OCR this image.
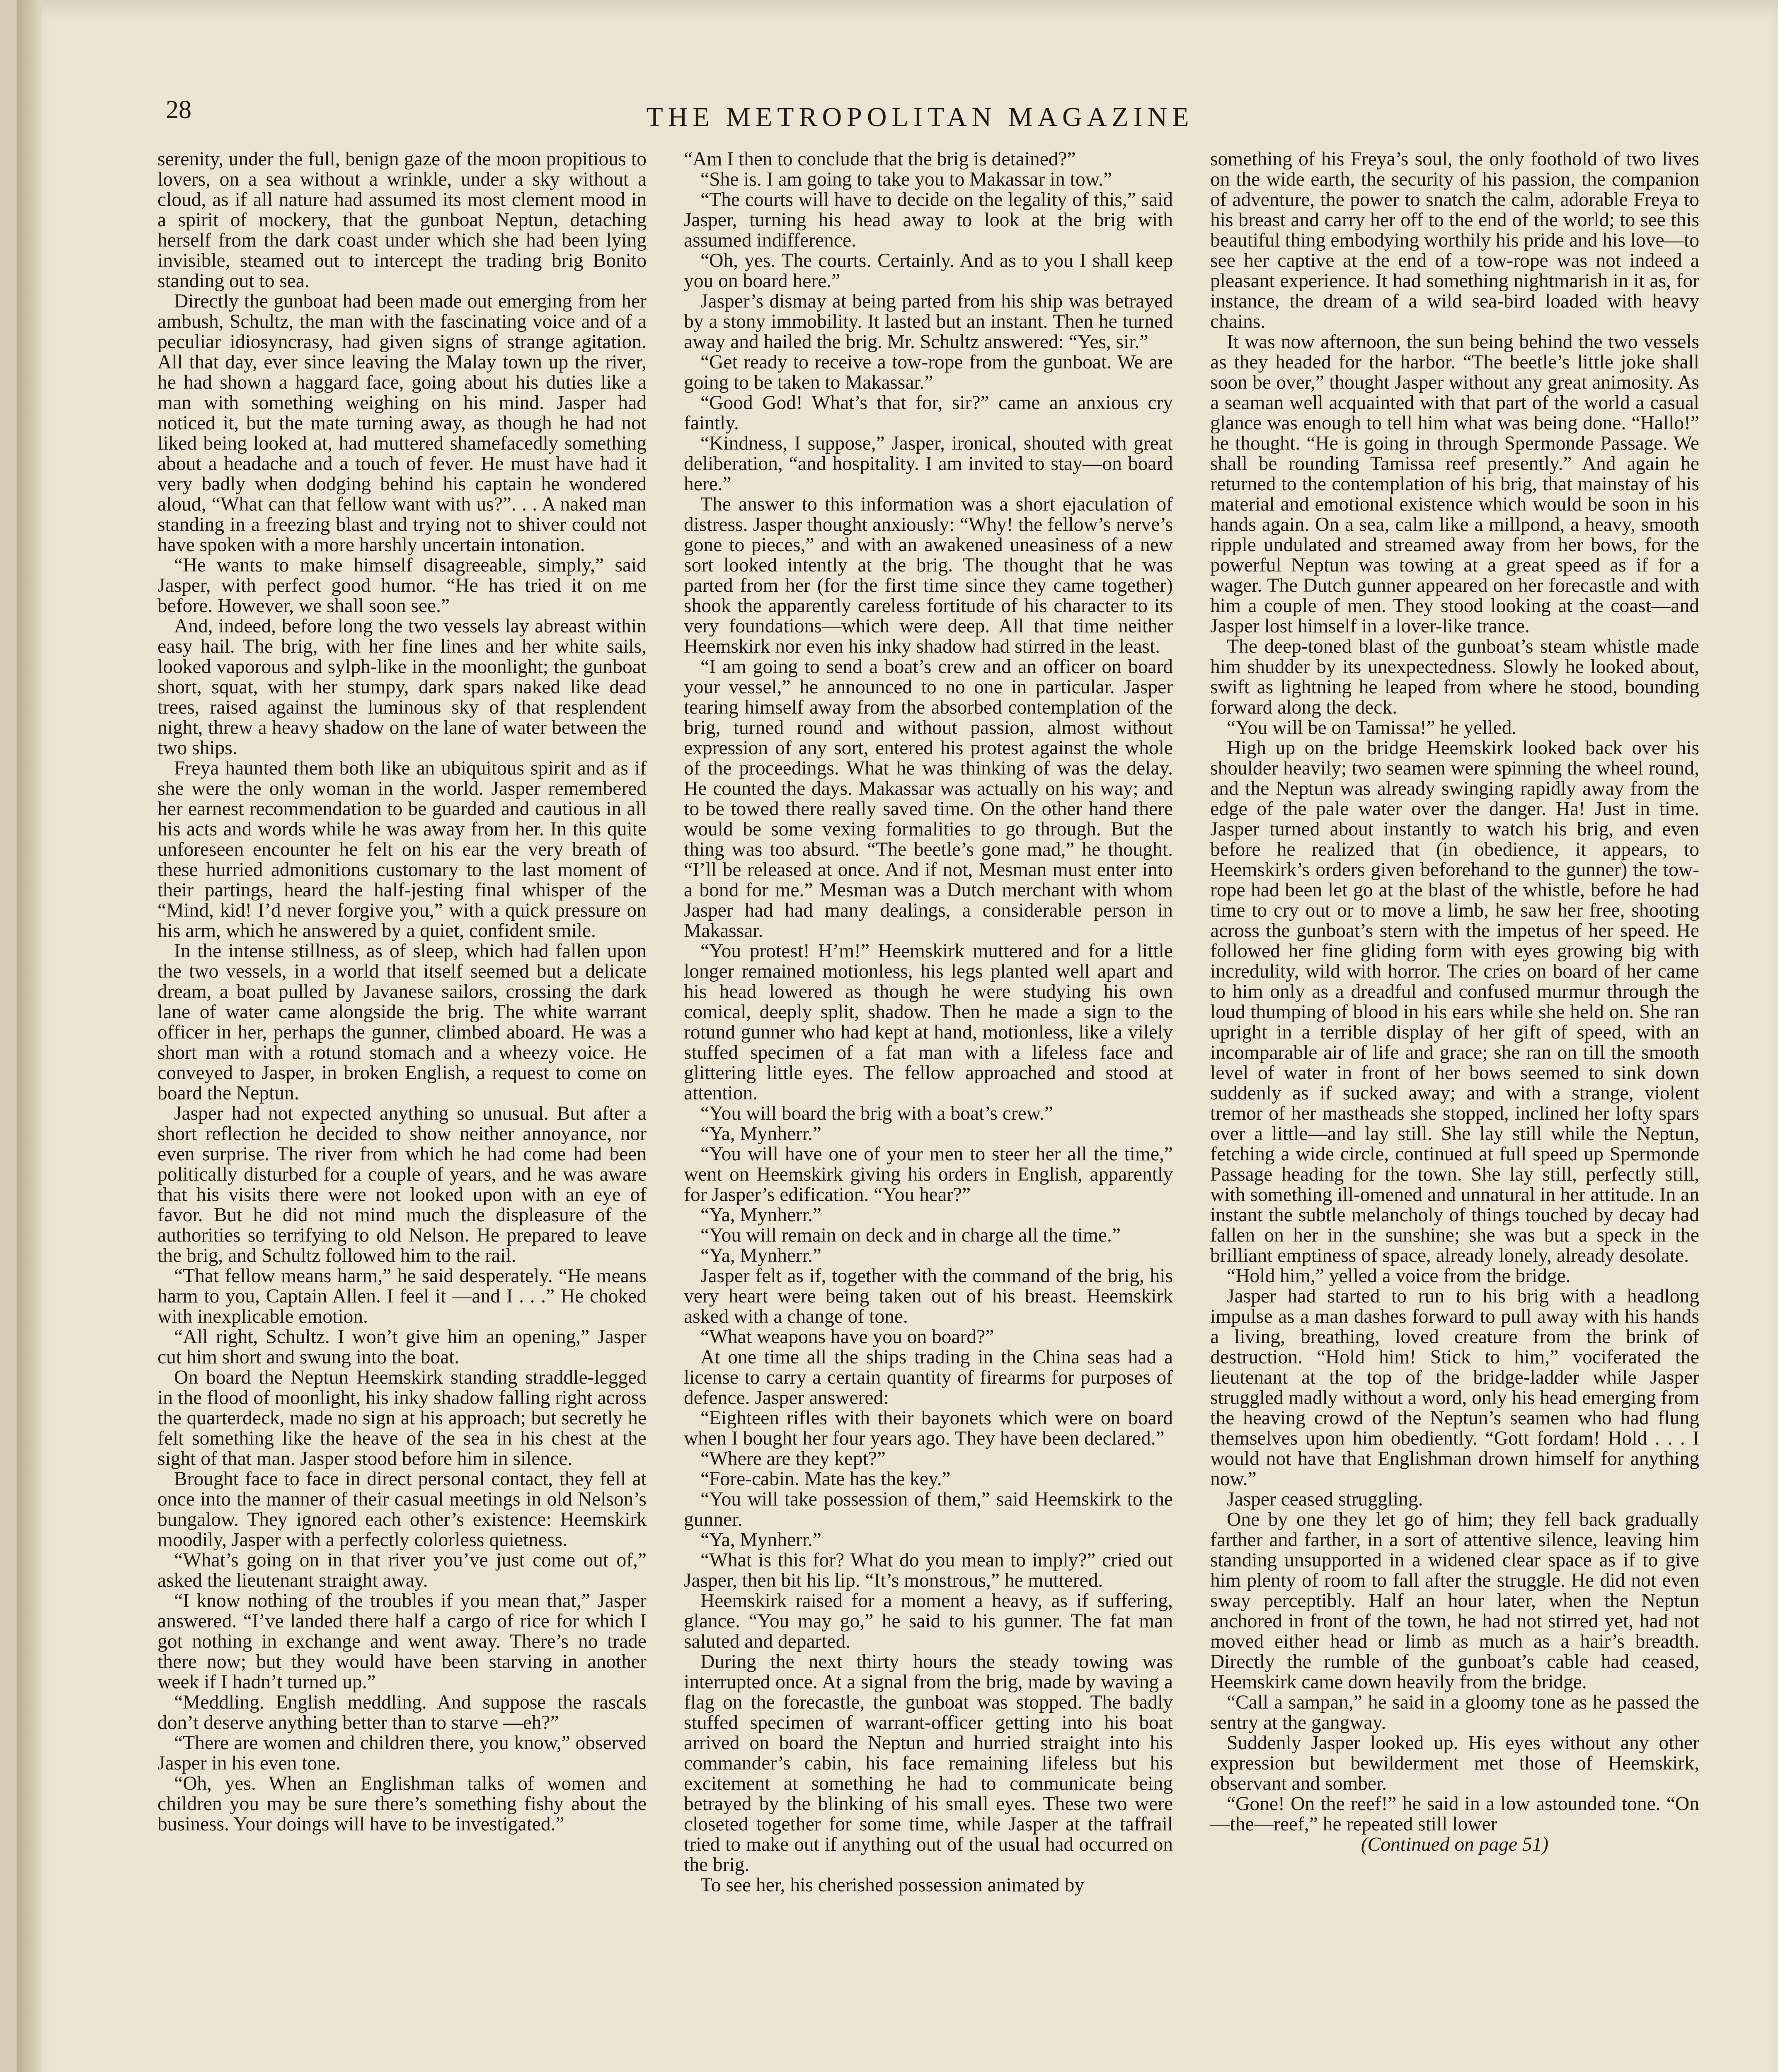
28	THE METROPOLITAN MAGAZINE

serenity, under the full, benign gaze of the moon propitious to lovers, on a sea without a wrinkle, under a sky without a cloud, as if all nature had assumed its most clement mood in a spirit of mockery, that the gunboat Neptun, detaching herself from the dark coast under which she had been lying invisible, steamed out to intercept the trading brig Bonito standing out to sea.

Directly the gunboat had been made out emerging from her ambush, Schultz, the man with the fascinating voice and of a peculiar idiosyncrasy, had given signs of strange agitation. All that day, ever since leaving the Malay town up the river, he had shown a haggard face, going about his duties like a man with something weighing on his mind. Jasper had noticed it, but the mate turning away, as though he had not liked being looked at, had muttered shamefacedly something about a headache and a touch of fever. He must have had it very badly when dodging behind his captain he wondered aloud, “What can that fellow want with us?”. . . A naked man standing in a freezing blast and trying not to shiver could not have spoken with a more harshly uncertain intonation.

“He wants to make himself disagreeable, simply,” said Jasper, with perfect good humor. “He has tried it on me before. However, we shall soon see.”

And, indeed, before long the two vessels lay abreast within easy hail. The brig, with her fine lines and her white sails, looked vaporous and sylph-like in the moonlight; the gunboat short, squat, with her stumpy, dark spars naked like dead trees, raised against the luminous sky of that resplendent night, threw a heavy shadow on the lane of water between the two ships.

Freya haunted them both like an ubiquitous spirit and as if she were the only woman in the world. Jasper remembered her earnest recommendation to be guarded and cautious in all his acts and words while he was away from her. In this quite unforeseen encounter he felt on his ear the very breath of these hurried admonitions customary to the last moment of their partings, heard the half-jesting final whisper of the “Mind, kid! I’d never forgive you,” with a quick pressure on his arm, which he answered by a quiet, confident smile.

In the intense stillness, as of sleep, which had fallen upon the two vessels, in a world that itself seemed but a delicate dream, a boat pulled by Javanese sailors, crossing the dark lane of water came alongside the brig. The white warrant officer in her, perhaps the gunner, climbed aboard. He was a short man with a rotund stomach and a wheezy voice. He conveyed to Jasper, in broken English, a request to come on board the Neptun.

Jasper had not expected anything so unusual. But after a short reflection he decided to show neither annoyance, nor even surprise. The river from which he had come had been politically disturbed for a couple of years, and he was aware that his visits there were not looked upon with an eye of favor. But he did not mind much the displeasure of the authorities so terrifying to old Nelson. He prepared to leave the brig, and Schultz followed him to the rail.

“That fellow means harm,” he said desperately. “He means harm to you, Captain Allen. I feel it —and I . . .” He choked with inexplicable emotion.

“All right, Schultz. I won’t give him an opening,” Jasper cut him short and swung into the boat.

On board the Neptun Heemskirk standing straddle-legged in the flood of moonlight, his inky shadow falling right across the quarterdeck, made no sign at his approach; but secretly he felt something like the heave of the sea in his chest at the sight of that man. Jasper stood before him in silence.

Brought face to face in direct personal contact, they fell at once into the manner of their casual meetings in old Nelson’s bungalow. They ignored each other’s existence: Heemskirk moodily, Jasper with a perfectly colorless quietness.

“What’s going on in that river you’ve just come out of,” asked the lieutenant straight away.

“I know nothing of the troubles if you mean that,” Jasper answered. “I’ve landed there half a cargo of rice for which I got nothing in exchange and went away. There’s no trade there now; but they would have been starving in another week if I hadn’t turned up.”

“Meddling. English meddling. And suppose the rascals don’t deserve anything better than to starve —eh?”

“There are women and children there, you know,” observed Jasper in his even tone.

“Oh, yes. When an Englishman talks of women and children you may be sure there’s something fishy about the business. Your doings will have to be investigated.”

“Am I then to conclude that the brig is detained?”

“She is. I am going to take you to Makassar in tow.”

“The courts will have to decide on the legality of this,” said Jasper, turning his head away to look at the brig with assumed indifference.

“Oh, yes. The courts. Certainly. And as to you I shall keep you on board here.”

Jasper’s dismay at being parted from his ship was betrayed by a stony immobility. It lasted but an instant. Then he turned away and hailed the brig. Mr. Schultz answered: “Yes, sir.”

“Get ready to receive a tow-rope from the gunboat. We are going to be taken to Makassar.”

“Good God! What’s that for, sir?” came an anxious cry faintly.

“Kindness, I suppose,” Jasper, ironical, shouted with great deliberation, “and hospitality. I am invited to stay—on board here.”

The answer to this information was a short ejaculation of distress. Jasper thought anxiously: “Why! the fellow’s nerve’s gone to pieces,” and with an awakened uneasiness of a new sort looked intently at the brig. The thought that he was parted from her (for the first time since they came together) shook the apparently careless fortitude of his character to its very foundations—which were deep. All that time neither Heemskirk nor even his inky shadow had stirred in the least.

“I am going to send a boat’s crew and an officer on board your vessel,” he announced to no one in particular. Jasper tearing himself away from the absorbed contemplation of the brig, turned round and without passion, almost without expression of any sort, entered his protest against the whole of the proceedings. What he was thinking of was the delay. He counted the days. Makassar was actually on his way; and to be towed there really saved time. On the other hand there would be some vexing formalities to go through. But the thing was too absurd. “The beetle’s gone mad,” he thought. “I’ll be released at once. And if not, Mesman must enter into a bond for me.” Mesman was a Dutch merchant with whom Jasper had had many dealings, a considerable person in Makassar.

“You protest! H’m!” Heemskirk muttered and for a little longer remained motionless, his legs planted well apart and his head lowered as though he were studying his own comical, deeply split, shadow. Then he made a sign to the rotund gunner who had kept at hand, motionless, like a vilely stuffed specimen of a fat man with a lifeless face and glittering little eyes. The fellow approached and stood at attention.

“You will board the brig with a boat’s crew.”

“Ya, Mynherr.”

“You will have one of your men to steer her all the time,” went on Heemskirk giving his orders in English, apparently for Jasper’s edification. “You hear?”

“Ya, Mynherr.”

“You will remain on deck and in charge all the time.”

“Ya, Mynherr.”

Jasper felt as if, together with the command of the brig, his very heart were being taken out of his breast. Heemskirk asked with a change of tone.

“What weapons have you on board?”

At one time all the ships trading in the China seas had a license to carry a certain quantity of firearms for purposes of defence. Jasper answered:

“Eighteen rifles with their bayonets which were on board when I bought her four years ago. They have been declared.”

“Where are they kept?”

“Fore-cabin. Mate has the key.”

“You will take possession of them,” said Heemskirk to the gunner.

“Ya, Mynherr.”

“What is this for? What do you mean to imply?” cried out Jasper, then bit his lip. “It’s monstrous,” he muttered.

Heemskirk raised for a moment a heavy, as if suffering, glance. “You may go,” he said to his gunner. The fat man saluted and departed.

During the next thirty hours the steady towing was interrupted once. At a signal from the brig, made by waving a flag on the forecastle, the gunboat was stopped. The badly stuffed specimen of warrant-officer getting into his boat arrived on board the Neptun and hurried straight into his commander’s cabin, his face remaining lifeless but his excitement at something he had to communicate being betrayed by the blinking of his small eyes. These two were closeted together for some time, while Jasper at the taffrail tried to make out if anything out of the usual had occurred on the brig.

To see her, his cherished possession animated by

something of his Freya’s soul, the only foothold of two lives on the wide earth, the security of his passion, the companion of adventure, the power to snatch the calm, adorable Freya to his breast and carry her off to the end of the world; to see this beautiful thing embodying worthily his pride and his love—to see her captive at the end of a tow-rope was not indeed a pleasant experience. It had something nightmarish in it as, for instance, the dream of a wild sea-bird loaded with heavy chains.

It was now afternoon, the sun being behind the two vessels as they headed for the harbor. “The beetle’s little joke shall soon be over,” thought Jasper without any great animosity. As a seaman well acquainted with that part of the world a casual glance was enough to tell him what was being done. “Hallo!” he thought. “He is going in through Spermonde Passage. We shall be rounding Tamissa reef presently.” And again he returned to the contemplation of his brig, that mainstay of his material and emotional existence which would be soon in his hands again. On a sea, calm like a millpond, a heavy, smooth ripple undulated and streamed away from her bows, for the powerful Neptun was towing at a great speed as if for a wager. The Dutch gunner appeared on her forecastle and with him a couple of men. They stood looking at the coast—and Jasper lost himself in a lover-like trance.

The deep-toned blast of the gunboat’s steam whistle made him shudder by its unexpectedness. Slowly he looked about, swift as lightning he leaped from where he stood, bounding forward along the deck.

“You will be on Tamissa!” he yelled.

High up on the bridge Heemskirk looked back over his shoulder heavily; two seamen were spinning the wheel round, and the Neptun was already swinging rapidly away from the edge of the pale water over the danger. Ha! Just in time. Jasper turned about instantly to watch his brig, and even before he realized that (in obedience, it appears, to Heemskirk’s orders given beforehand to the gunner) the tow-rope had been let go at the blast of the whistle, before he had time to cry out or to move a limb, he saw her free, shooting across the gunboat’s stern with the impetus of her speed. He followed her fine gliding form with eyes growing big with incredulity, wild with horror. The cries on board of her came to him only as a dreadful and confused murmur through the loud thumping of blood in his ears while she held on. She ran upright in a terrible display of her gift of speed, with an incomparable air of life and grace; she ran on till the smooth level of water in front of her bows seemed to sink down suddenly as if sucked away; and with a strange, violent tremor of her mastheads she stopped, inclined her lofty spars over a little—and lay still. She lay still while the Neptun, fetching a wide circle, continued at full speed up Spermonde Passage heading for the town. She lay still, perfectly still, with something ill-omened and unnatural in her attitude. In an instant the subtle melancholy of things touched by decay had fallen on her in the sunshine; she was but a speck in the brilliant emptiness of space, already lonely, already desolate.

“Hold him,” yelled a voice from the bridge.

Jasper had started to run to his brig with a headlong impulse as a man dashes forward to pull away with his hands a living, breathing, loved creature from the brink of destruction. “Hold him! Stick to him,” vociferated the lieutenant at the top of the bridge-ladder while Jasper struggled madly without a word, only his head emerging from the heaving crowd of the Neptun’s seamen who had flung themselves upon him obediently. “Gott fordam! Hold . . . I would not have that Englishman drown himself for anything now.”

Jasper ceased struggling.

One by one they let go of him; they fell back gradually farther and farther, in a sort of attentive silence, leaving him standing unsupported in a widened clear space as if to give him plenty of room to fall after the struggle. He did not even sway perceptibly. Half an hour later, when the Neptun anchored in front of the town, he had not stirred yet, had not moved either head or limb as much as a hair’s breadth. Directly the rumble of the gunboat’s cable had ceased, Heemskirk came down heavily from the bridge.

“Call a sampan,” he said in a gloomy tone as he passed the sentry at the gangway.

Suddenly Jasper looked up. His eyes without any other expression but bewilderment met those of Heemskirk, observant and somber.

“Gone! On the reef!” he said in a low astounded tone. “On—the—reef,” he repeated still lower

(Continued on page 51)
